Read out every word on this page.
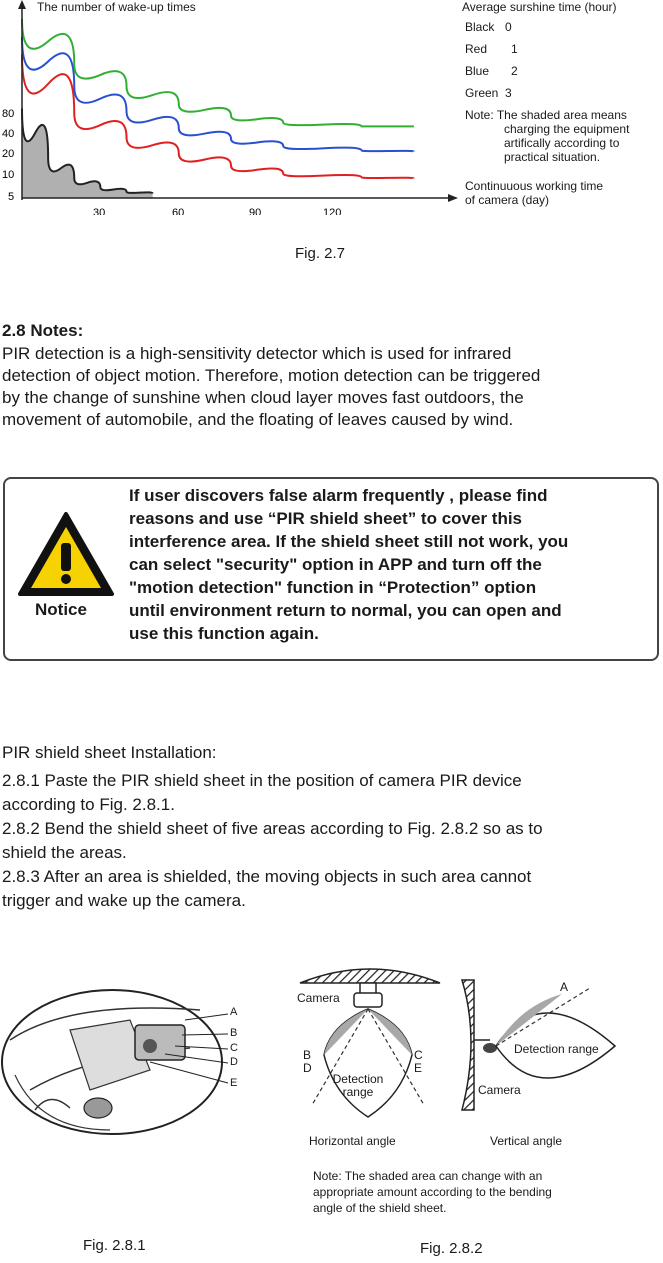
The number of wake-up times
80
40
20
10
5
30	60	90	120
Average surshine time (hour)
Black 0
Red 1
Blue 2
Green 3
Note: The shaded area means
charging the equipment
artifically according to
practical situation.
Continuuous working time
of camera (day)
Fig. 2.7
2.8 Notes:
PIR detection is a high-sensitivity detector which is used for infrared
detection of object motion. Therefore, motion detection can be triggered
by the change of sunshine when cloud layer moves fast outdoors, the
movement of automobile, and the floating of leaves caused by wind.
Notice
If user discovers false alarm frequently , please find
reasons and use “PIR shield sheet” to cover this
interference area. If the shield sheet still not work, you
can select "security" option in APP and turn off the
"motion detection" function in “Protection” option
until environment return to normal, you can open and
use this function again.
PIR shield sheet Installation:
2.8.1 Paste the PIR shield sheet in the position of camera PIR device
according to Fig. 2.8.1.
2.8.2 Bend the shield sheet of five areas according to Fig. 2.8.2 so as to
shield the areas.
2.8.3 After an area is shielded, the moving objects in such area cannot
trigger and wake up the camera.
A
B
C
D
E
Fig. 2.8.1
Camera
B
D
C
E
Detection
range
Horizontal angle
A
Detection range
Camera
Vertical angle
Note: The shaded area can change with an
appropriate amount according to the bending
angle of the shield sheet.
Fig. 2.8.2
